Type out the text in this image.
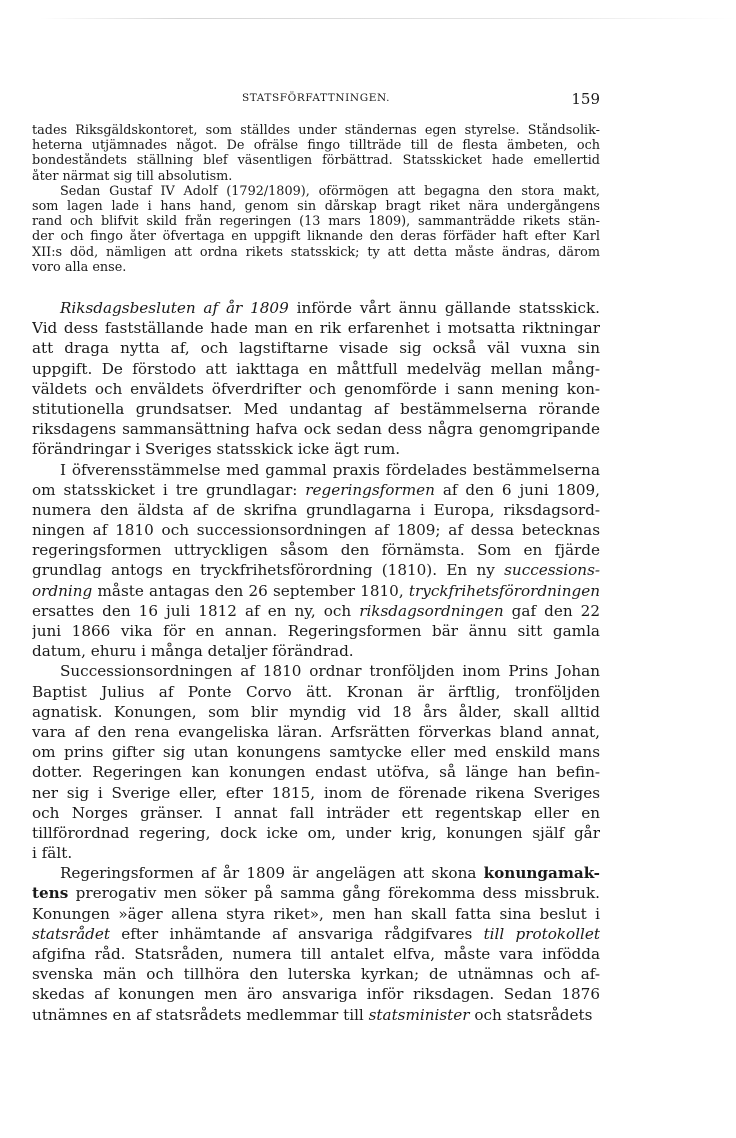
STATSFÖRFATTNINGEN.	159
tades Riksgäldskontoret, som ställdes under ständernas egen styrelse. Ståndsolik-
heterna utjämnades något. De ofrälse fingo tillträde till de flesta ämbeten, och
bondeståndets ställning blef väsentligen förbättrad. Statsskicket hade emellertid
åter närmat sig till absolutism.
Sedan Gustaf IV Adolf (1792/1809), oförmögen att begagna den stora makt,
som lagen lade i hans hand, genom sin dårskap bragt riket nära undergångens
rand och blifvit skild från regeringen (13 mars 1809), sammanträdde rikets stän-
der och fingo åter öfvertaga en uppgift liknande den deras förfäder haft efter Karl
XII:s död, nämligen att ordna rikets statsskick; ty att detta måste ändras, därom
voro alla ense.
Riksdagsbesluten af år 1809 införde vårt ännu gällande statsskick.
Vid dess fastställande hade man en rik erfarenhet i motsatta riktningar
att draga nytta af, och lagstiftarne visade sig också väl vuxna sin
uppgift. De förstodo att iakttaga en måttfull medelväg mellan mång-
väldets och enväldets öfverdrifter och genomförde i sann mening kon-
stitutionella grundsatser. Med undantag af bestämmelserna rörande
riksdagens sammansättning hafva ock sedan dess några genomgripande
förändringar i Sveriges statsskick icke ägt rum.
I öfverensstämmelse med gammal praxis fördelades bestämmelserna
om statsskicket i tre grundlagar: regeringsformen af den 6 juni 1809,
numera den äldsta af de skrifna grundlagarna i Europa, riksdagsord-
ningen af 1810 och successionsordningen af 1809; af dessa betecknas
regeringsformen uttryckligen såsom den förnämsta. Som en fjärde
grundlag antogs en tryckfrihetsförordning (1810). En ny successions-
ordning måste antagas den 26 september 1810, tryckfrihetsförordningen
ersattes den 16 juli 1812 af en ny, och riksdagsordningen gaf den 22
juni 1866 vika för en annan. Regeringsformen bär ännu sitt gamla
datum, ehuru i många detaljer förändrad.
Successionsordningen af 1810 ordnar tronföljden inom Prins Johan
Baptist Julius af Ponte Corvo ätt. Kronan är ärftlig, tronföljden
agnatisk. Konungen, som blir myndig vid 18 års ålder, skall alltid
vara af den rena evangeliska läran. Arfsrätten förverkas bland annat,
om prins gifter sig utan konungens samtycke eller med enskild mans
dotter. Regeringen kan konungen endast utöfva, så länge han befin-
ner sig i Sverige eller, efter 1815, inom de förenade rikena Sveriges
och Norges gränser. I annat fall inträder ett regentskap eller en
tillförordnad regering, dock icke om, under krig, konungen själf går
i fält.
Regeringsformen af år 1809 är angelägen att skona konungamak-
tens prerogativ men söker på samma gång förekomma dess missbruk.
Konungen »äger allena styra riket», men han skall fatta sina beslut i
statsrådet efter inhämtande af ansvariga rådgifvares till protokollet
afgifna råd. Statsråden, numera till antalet elfva, måste vara infödda
svenska män och tillhöra den luterska kyrkan; de utnämnas och af-
skedas af konungen men äro ansvariga inför riksdagen. Sedan 1876
utnämnes en af statsrådets medlemmar till statsminister och statsrådets
